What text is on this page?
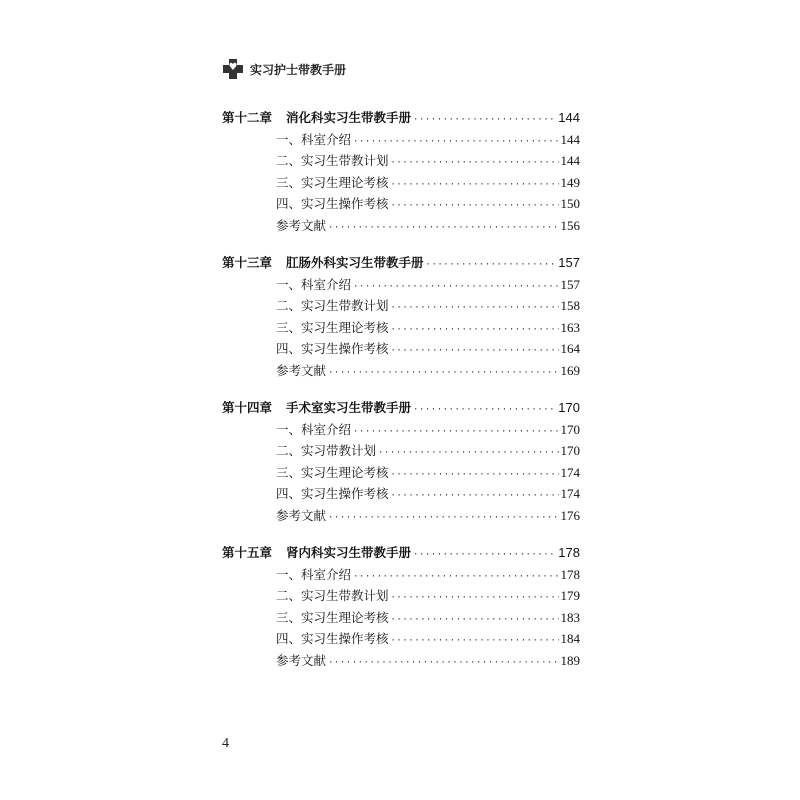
♥ 实习护士带教手册
第十二章 消化科实习生带教手册 ·····	144
一、科室介绍 ·····	144
二、实习生带教计划 ·····	144
三、实习生理论考核 ·····	149
四、实习生操作考核 ·····	150
参考文献 ·····	156
第十三章 肛肠外科实习生带教手册 ·····	157
一、科室介绍 ·····	157
二、实习生带教计划 ·····	158
三、实习生理论考核 ·····	163
四、实习生操作考核 ·····	164
参考文献 ·····	169
第十四章 手术室实习生带教手册 ·····	170
一、科室介绍 ·····	170
二、实习带教计划 ·····	170
三、实习生理论考核 ·····	174
四、实习生操作考核 ·····	174
参考文献 ·····	176
第十五章 肾内科实习生带教手册 ·····	178
一、科室介绍 ·····	178
二、实习生带教计划 ·····	179
三、实习生理论考核 ·····	183
四、实习生操作考核 ·····	184
参考文献 ·····	189
4
